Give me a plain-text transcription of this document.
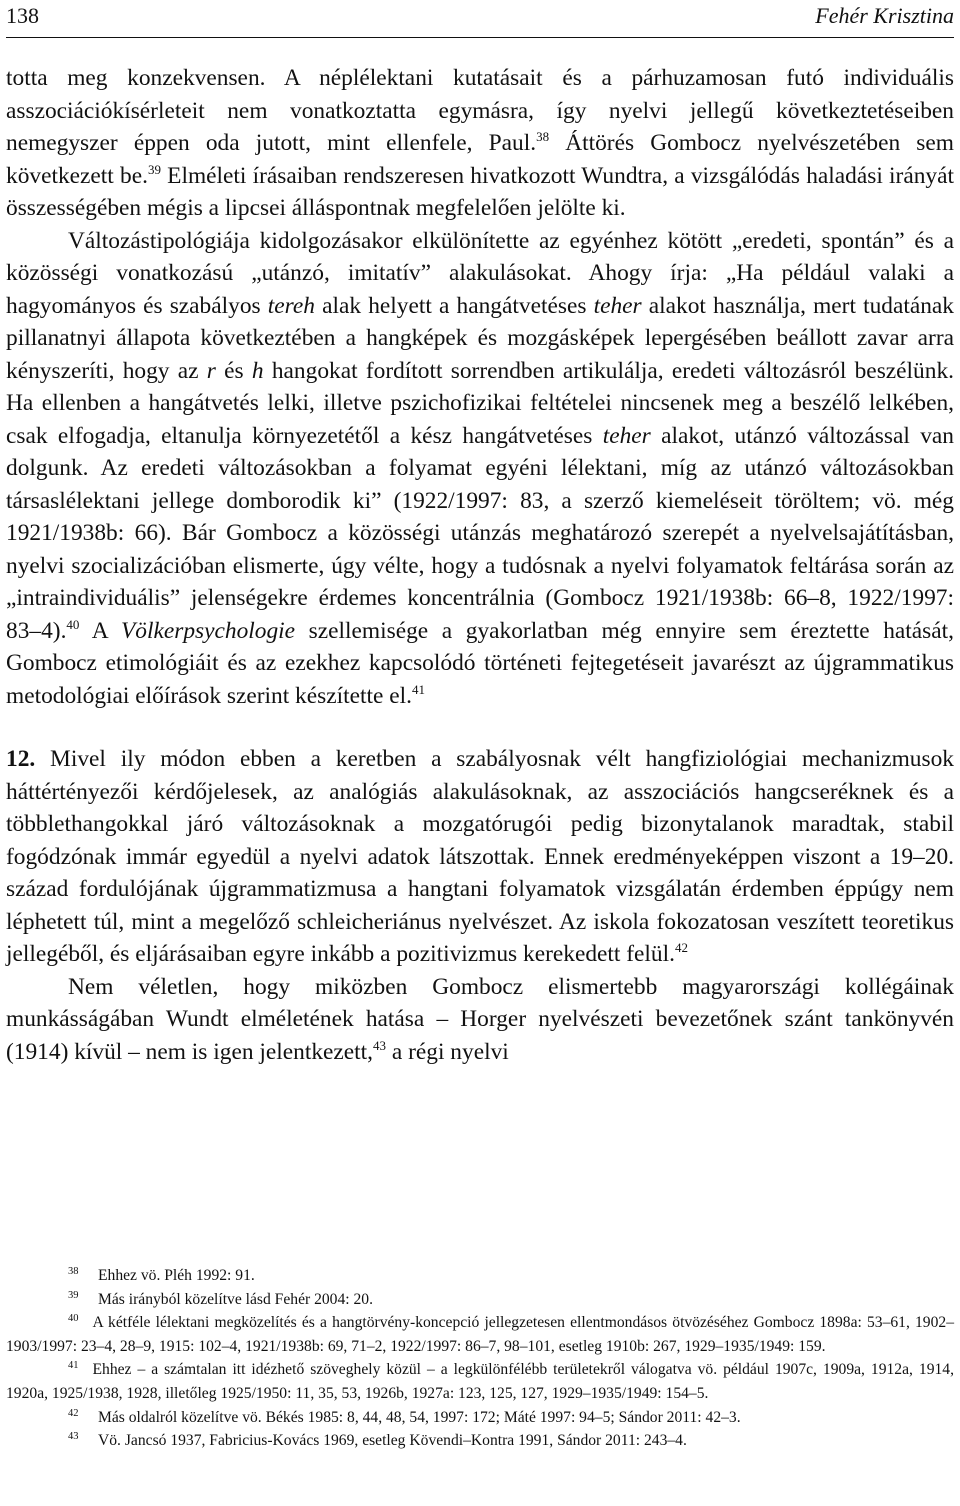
138	Fehér Krisztina

totta meg konzekvensen. A néplélektani kutatásait és a párhuzamosan futó individuális asszociációkísérleteit nem vonatkoztatta egymásra, így nyelvi jellegű következtetéseiben nemegyszer éppen oda jutott, mint ellenfele, Paul.$^{38}$ Áttörés Gombocz nyelvészetében sem következett be.$^{39}$ Elméleti írásaiban rendszeresen hivatkozott Wundtra, a vizsgálódás haladási irányát összességében mégis a lipcsei álláspontnak megfelelően jelölte ki.

Változástipológiája kidolgozásakor elkülönítette az egyénhez kötött „eredeti, spontán” és a közösségi vonatkozású „utánzó, imitatív” alakulásokat. Ahogy írja: „Ha például valaki a hagyományos és szabályos tereh alak helyett a hangátvetéses teher alakot használja, mert tudatának pillanatnyi állapota következtében a hangképek és mozgásképek lepergésében beállott zavar arra kényszeríti, hogy az r és h hangokat fordított sorrendben artikulálja, eredeti változásról beszélünk. Ha ellenben a hangátvetés lelki, illetve pszichofizikai feltételei nincsenek meg a beszélő lelkében, csak elfogadja, eltanulja környezetétől a kész hangátvetéses teher alakot, utánzó változással van dolgunk. Az eredeti változásokban a folyamat egyéni lélektani, míg az utánzó változásokban társaslélektani jellege domborodik ki” (1922/1997: 83, a szerző kiemeléseit töröltem; vö. még 1921/1938b: 66). Bár Gombocz a közösségi utánzás meghatározó szerepét a nyelvelsajátításban, nyelvi szocializációban elismerte, úgy vélte, hogy a tudósnak a nyelvi folyamatok feltárása során az „intraindividuális” jelenségekre érdemes koncentrálnia (Gombocz 1921/1938b: 66–8, 1922/1997: 83–4).$^{40}$ A Völkerpsychologie szellemisége a gyakorlatban még ennyire sem éreztette hatását, Gombocz etimológiáit és az ezekhez kapcsolódó történeti fejtegetéseit javarészt az újgrammatikus metodológiai előírások szerint készítette el.$^{41}$

12. Mivel ily módon ebben a keretben a szabályosnak vélt hangfiziológiai mechanizmusok háttértényezői kérdőjelesek, az analógiás alakulásoknak, az asszociációs hangcseréknek és a többlethangokkal járó változásoknak a mozgatórugói pedig bizonytalanok maradtak, stabil fogódzónak immár egyedül a nyelvi adatok látszottak. Ennek eredményeképpen viszont a 19–20. század fordulójának újgrammatizmusa a hangtani folyamatok vizsgálatán érdemben éppúgy nem léphetett túl, mint a megelőző schleicheriánus nyelvészet. Az iskola fokozatosan veszített teoretikus jellegéből, és eljárásaiban egyre inkább a pozitivizmus kerekedett felül.$^{42}$

Nem véletlen, hogy miközben Gombocz elismertebb magyarországi kollégáinak munkásságában Wundt elméletének hatása – Horger nyelvészeti bevezetőnek szánt tankönyvén (1914) kívül – nem is igen jelentkezett,$^{43}$ a régi nyelvi

38 Ehhez vö. Pléh 1992: 91.

39 Más irányból közelítve lásd Fehér 2004: 20.

$^{40}$ A kétféle lélektani megközelítés és a hangtörvény-koncepció jellegzetesen ellentmondásos ötvözéséhez Gombocz 1898a: 53–61, 1902–1903/1997: 23–4, 28–9, 1915: 102–4, 1921/1938b: 69, 71–2, 1922/1997: 86–7, 98–101, esetleg 1910b: 267, 1929–1935/1949: 159.

$^{41}$ Ehhez – a számtalan itt idézhető szöveghely közül – a legkülönfélébb területekről válogatva vö. például 1907c, 1909a, 1912a, 1914, 1920a, 1925/1938, 1928, illetőleg 1925/1950: 11, 35, 53, 1926b, 1927a: 123, 125, 127, 1929–1935/1949: 154–5.

42 Más oldalról közelítve vö. Békés 1985: 8, 44, 48, 54, 1997: 172; Máté 1997: 94–5; Sándor 2011: 42–3.

43 Vö. Jancsó 1937, Fabricius-Kovács 1969, esetleg Kövendi–Kontra 1991, Sándor 2011: 243–4.
